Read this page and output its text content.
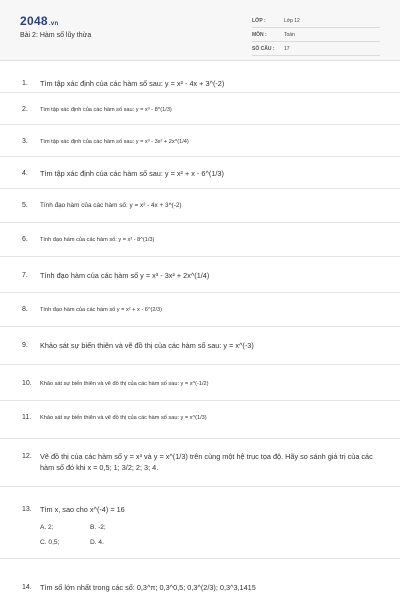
2048.vn
Bài 2: Hàm số lũy thừa
LỚP :	Lớp 12
MÔN :	Toán
SỐ CÂU :	17
1. Tìm tập xác định của các hàm số sau: y = x² - 4x + 3^(-2)
2. Tìm tập xác định của các hàm số sau: y = x³ - 8^(1/3)
3. Tìm tập xác định của các hàm số sau: y = x³ - 3x² + 2x^(1/4)
4. Tìm tập xác định của các hàm số sau: y = x² + x - 6^(1/3)
5. Tính đạo hàm của các hàm số: y = x² - 4x + 3^(-2)
6. Tính đạo hàm của các hàm số: y = x³ - 8^(1/3)
7. Tính đạo hàm của các hàm số y = x³ - 3x² + 2x^(1/4)
8. Tính đạo hàm của các hàm số y = x² + x - 6^(2/3)
9. Khảo sát sự biến thiên và vẽ đồ thị của các hàm số sau: y = x^(-3)
10. Khảo sát sự biến thiên và vẽ đồ thị của các hàm số sau: y = x^(-1/2)
11. Khảo sát sự biến thiên và vẽ đồ thị của các hàm số sau: y = x^(1/3)
12. Vẽ đồ thị của các hàm số y = x³ và y = x^(1/3) trên cùng một hệ trục tọa độ. Hãy so sánh giá trị của các hàm số đó khi x = 0,5; 1; 3/2; 2; 3; 4.
13. Tìm x, sao cho x^(-4) = 16
A. 2;	B. -2;
C. 0,5;	D. 4.
14. Tìm số lớn nhất trong các số: 0,3^π; 0,3^0,5; 0,3^(2/3); 0,3^3,1415
